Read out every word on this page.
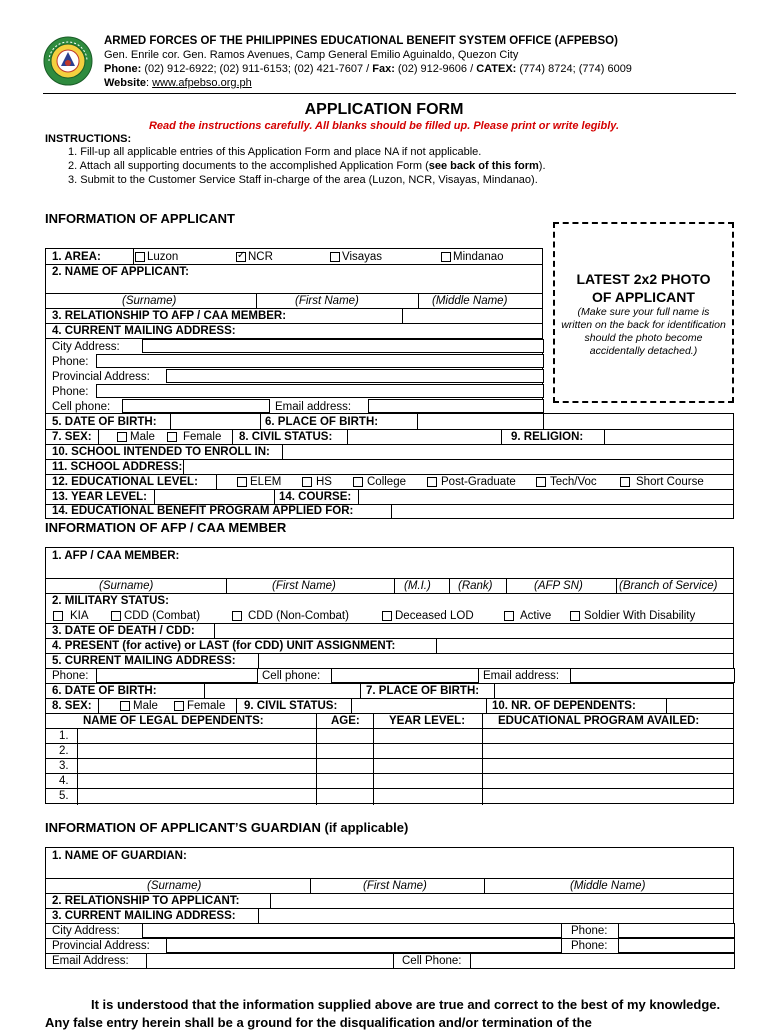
ARMED FORCES OF THE PHILIPPINES EDUCATIONAL BENEFIT SYSTEM OFFICE (AFPEBSO)
Gen. Enrile cor. Gen. Ramos Avenues, Camp General Emilio Aguinaldo, Quezon City
Phone: (02) 912-6922; (02) 911-6153; (02) 421-7607 / Fax: (02) 912-9606 / CATEX: (774) 8724; (774) 6009
Website: www.afpebso.org.ph
APPLICATION FORM
Read the instructions carefully. All blanks should be filled up. Please print or write legibly.
INSTRUCTIONS:
1. Fill-up all applicable entries of this Application Form and place NA if not applicable.
2. Attach all supporting documents to the accomplished Application Form (see back of this form).
3. Submit to the Customer Service Staff in-charge of the area (Luzon, NCR, Visayas, Mindanao).
INFORMATION OF APPLICANT
LATEST 2x2 PHOTO
OF APPLICANT
(Make sure your full name is written on the back for identification should the photo become accidentally detached.)
1. AREA:	Luzon
✓	NCR	Visayas	Mindanao
2. NAME OF APPLICANT:
(Surname)	(First Name)	(Middle Name)
3. RELATIONSHIP TO AFP / CAA MEMBER:
4. CURRENT MAILING ADDRESS:
City Address:
Phone:
Provincial Address:
Phone:
Cell phone:	Email address:
5. DATE OF BIRTH:	6. PLACE OF BIRTH:
7. SEX:	Male Female 8. CIVIL STATUS:	9. RELIGION:
10. SCHOOL INTENDED TO ENROLL IN:
11. SCHOOL ADDRESS:
12. EDUCATIONAL LEVEL:	ELEM	HS	College	Post-Graduate	Tech/Voc	Short Course
13. YEAR LEVEL:	14. COURSE:
14. EDUCATIONAL BENEFIT PROGRAM APPLIED FOR:
INFORMATION OF AFP / CAA MEMBER
1. AFP / CAA MEMBER:
(Surname)	(First Name)	(M.I.) (Rank)	(AFP SN)	(Branch of Service)
2. MILITARY STATUS:
KIA	CDD (Combat)	CDD (Non-Combat)	Deceased LOD	Active	Soldier With Disability
3. DATE OF DEATH / CDD:
4. PRESENT (for active) or LAST (for CDD) UNIT ASSIGNMENT:
5. CURRENT MAILING ADDRESS:
Phone:	Cell phone:	Email address:
6. DATE OF BIRTH:	7. PLACE OF BIRTH:
8. SEX:	Male	Female 9. CIVIL STATUS:	10. NR. OF DEPENDENTS:
NAME OF LEGAL DEPENDENTS:	AGE:	YEAR LEVEL:	EDUCATIONAL PROGRAM AVAILED:
1.
2.
3.
4.
5.
INFORMATION OF APPLICANT’S GUARDIAN (if applicable)
1. NAME OF GUARDIAN:
(Surname)	(First Name)	(Middle Name)
2. RELATIONSHIP TO APPLICANT:
3. CURRENT MAILING ADDRESS:
City Address:	Phone:
Provincial Address:	Phone:
Email Address:	Cell Phone:
It is understood that the information supplied above are true and correct to the best of my knowledge. Any false entry herein shall be a ground for the disqualification and/or termination of the
